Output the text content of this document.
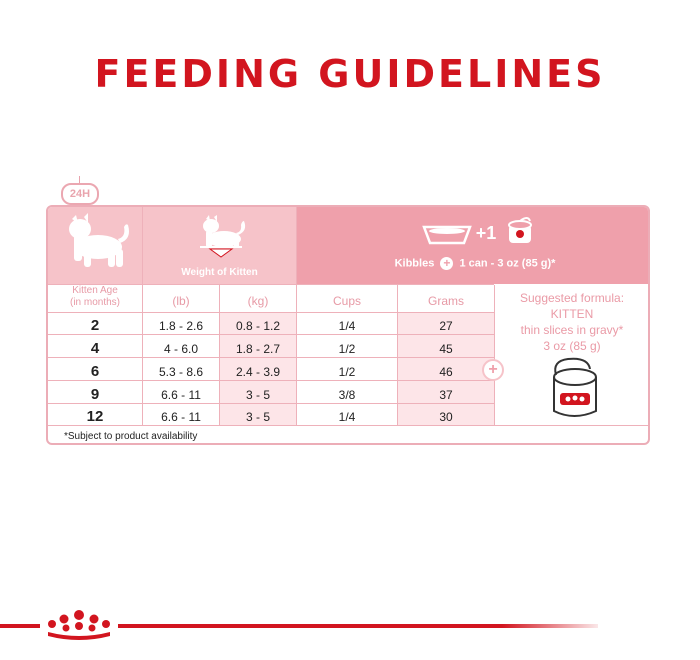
FEEDING GUIDELINES
24H
Weight of Kitten
+1
Kibbles + 1 can - 3 oz (85 g)*
Kitten Age
(in months)	(lb)	(kg)	Cups	Grams
2	1.8 - 2.6	0.8 - 1.2	1/4	27
4	4 - 6.0	1.8 - 2.7	1/2	45
6	5.3 - 8.6	2.4 - 3.9	1/2	46
9	6.6 - 11	3 - 5	3/8	37
12	6.6 - 11	3 - 5	1/4	30
+
Suggested formula:
KITTEN
thin slices in gravy*
3 oz (85 g)
*Subject to product availability
